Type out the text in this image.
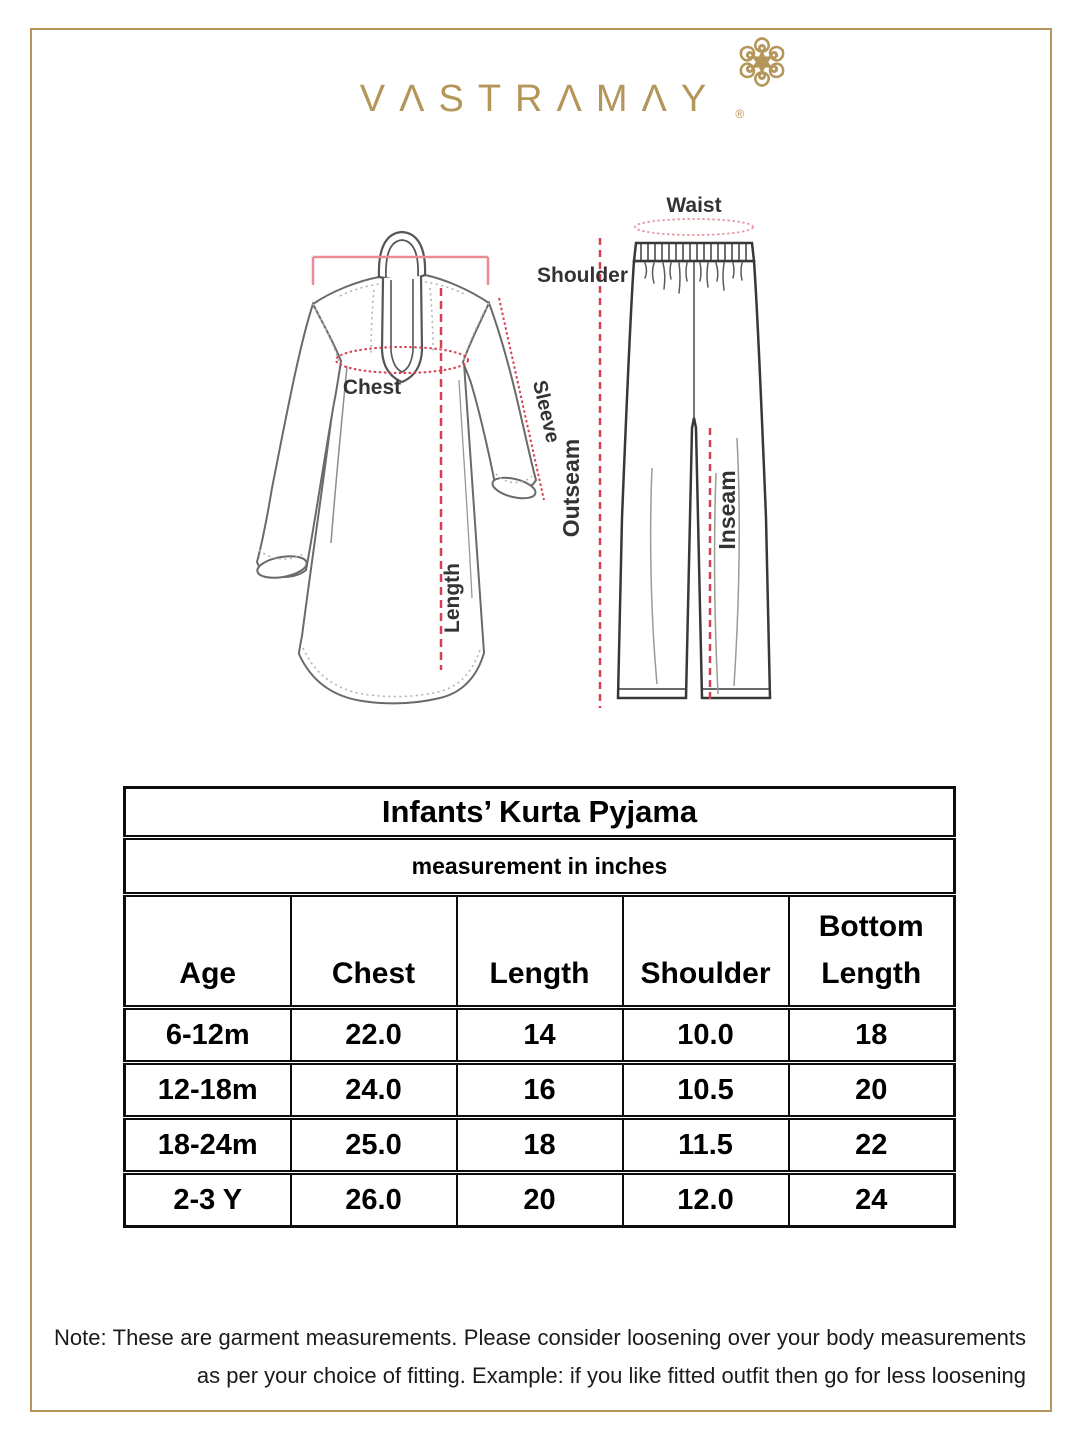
VΛSTRΛMΛY ®
Shoulder
Chest	Sleeve
Length
Waist
Outseam	Inseam
Infants’ Kurta Pyjama				
measurement in inches				
Age	Chest	Length	Shoulder	Bottom Length
6-12m	22.0	14	10.0	18
12-18m	24.0	16	10.5	20
18-24m	25.0	18	11.5	22
2-3 Y	26.0	20	12.0	24

Note: These are garment measurements. Please consider loosening over your body measurements as per your choice of fitting. Example: if you like fitted outfit then go for less loosening
